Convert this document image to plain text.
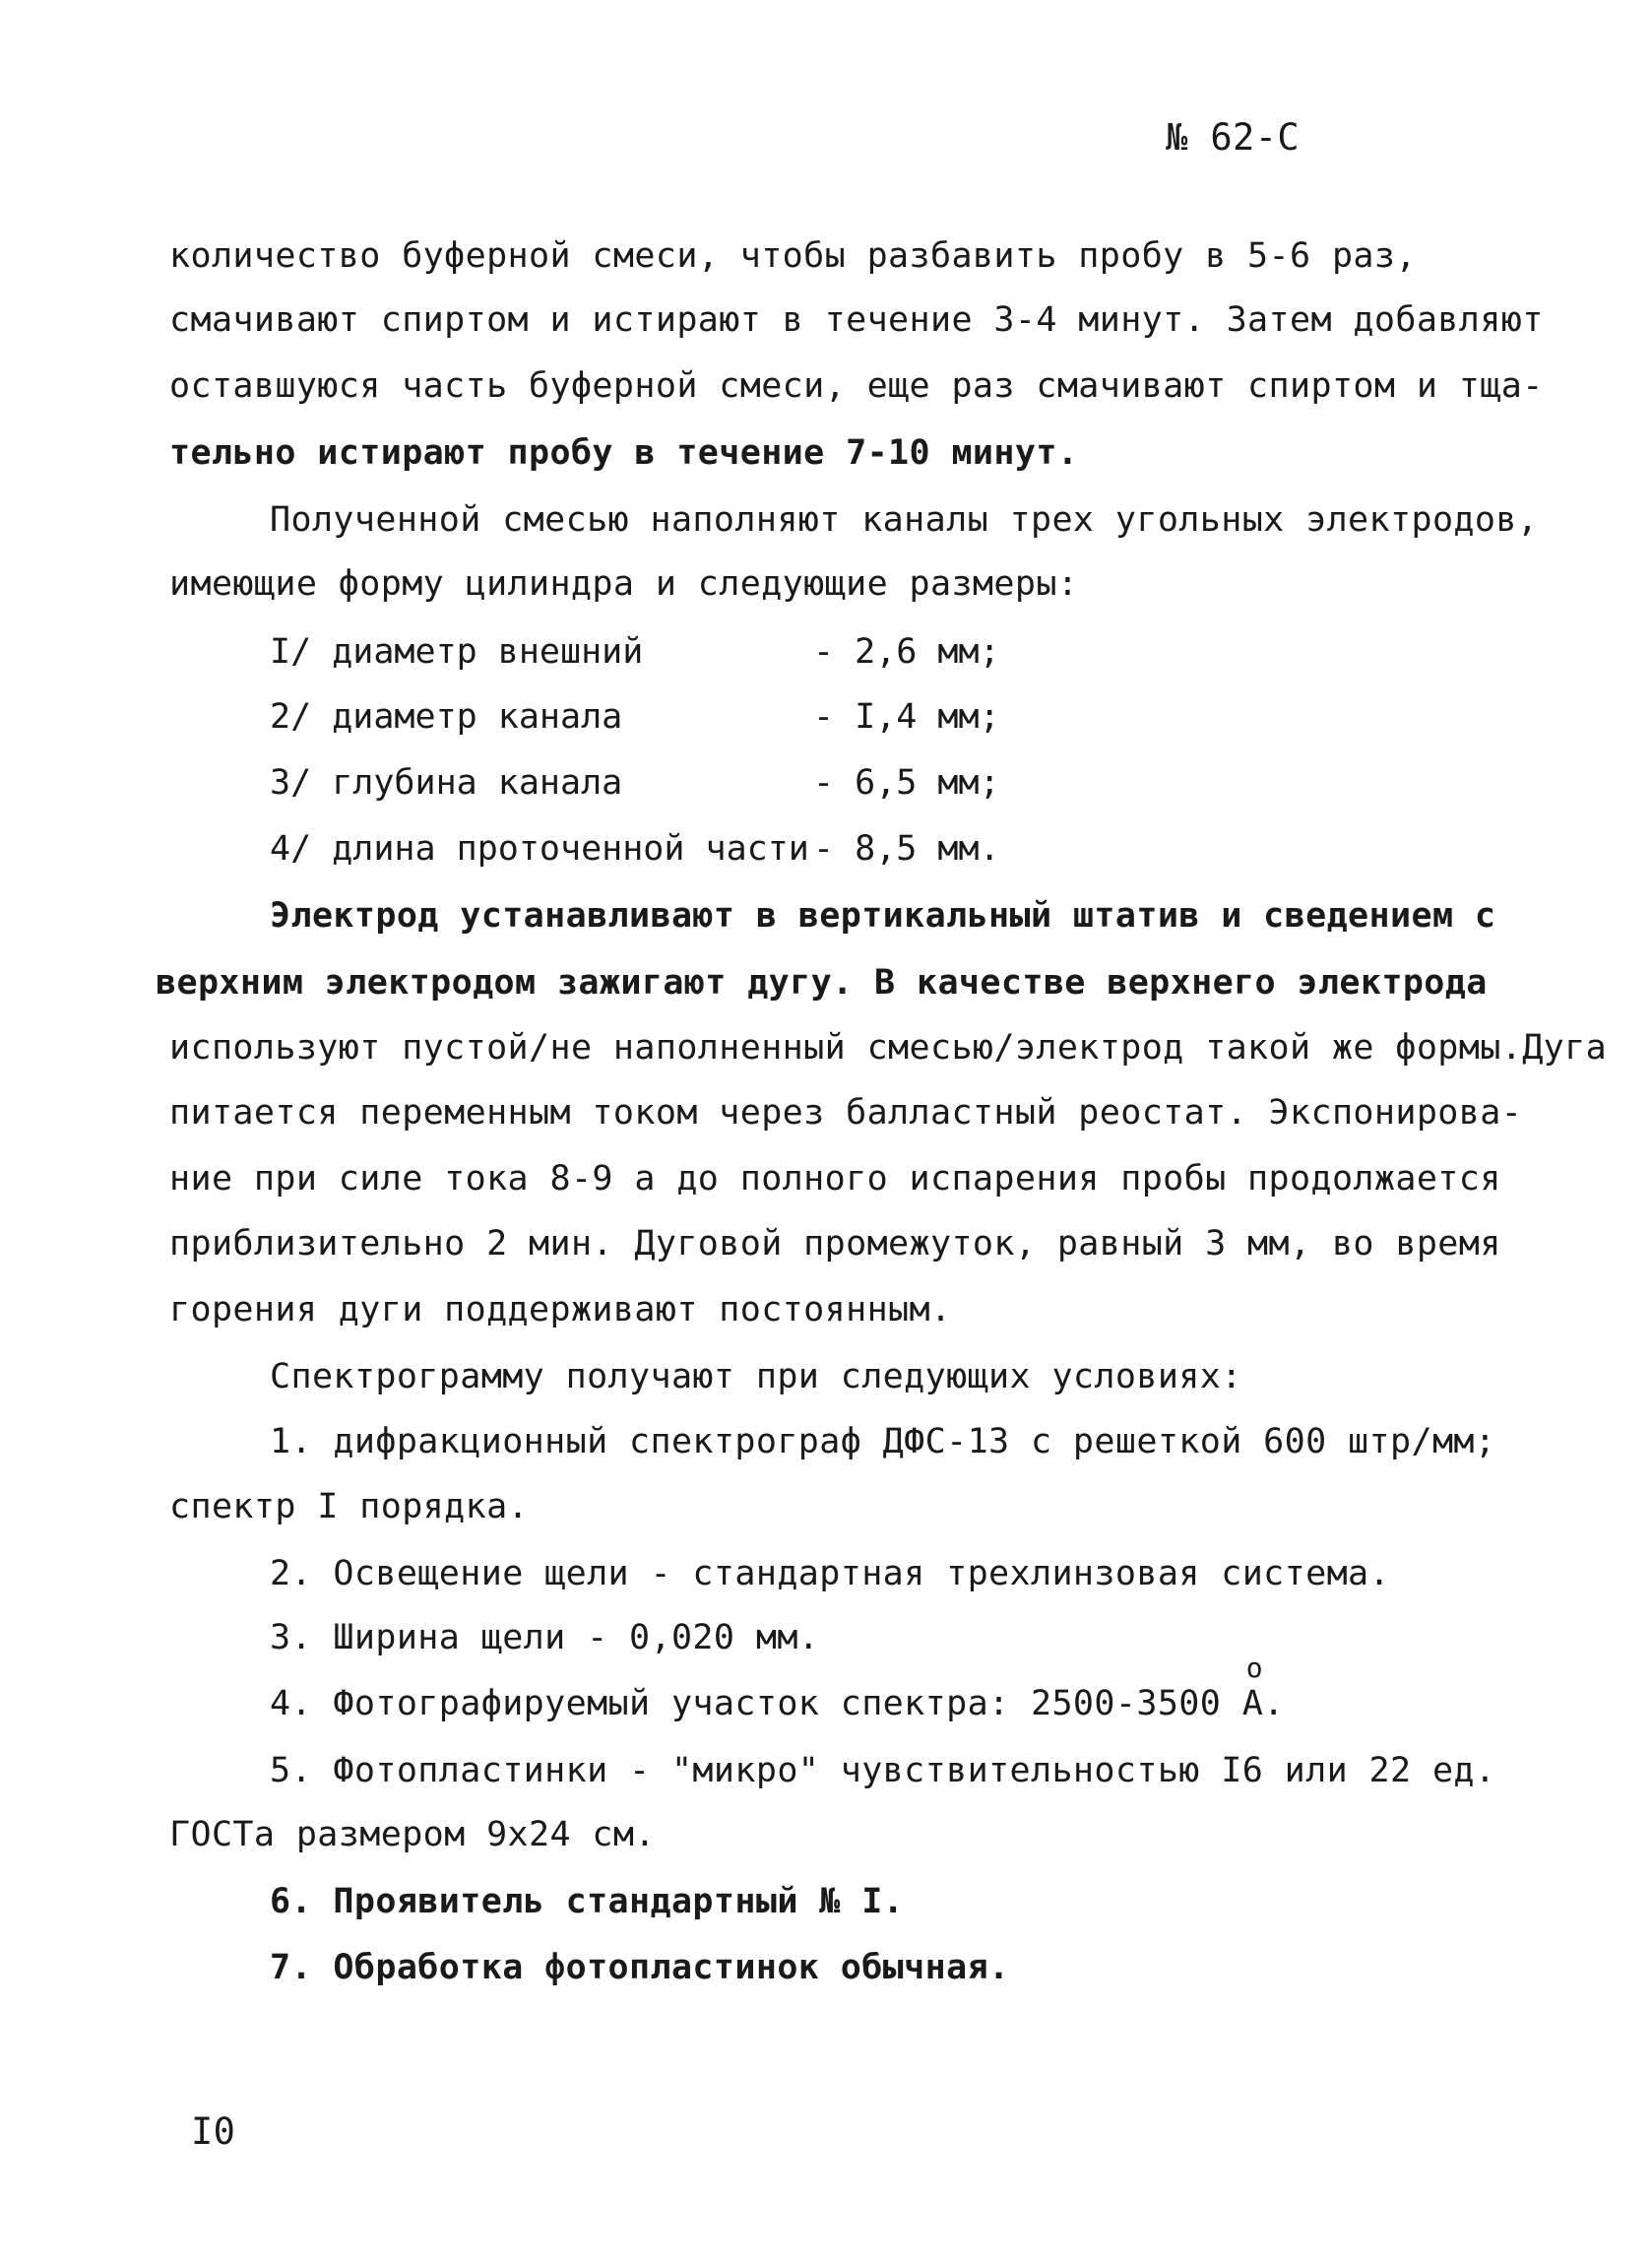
№ 62-С
количество буферной смеси, чтобы разбавить пробу в 5-6 раз,
смачивают спиртом и истирают в течение 3-4 минут. Затем добавляют
оставшуюся часть буферной смеси, еще раз смачивают спиртом и тща-
тельно истирают пробу в течение 7-10 минут.
Полученной смесью наполняют каналы трех угольных электродов,
имеющие форму цилиндра и следующие размеры:
I/ диаметр внешний	- 2,6 мм;
2/ диаметр канала	- I,4 мм;
3/ глубина канала	- 6,5 мм;
4/ длина проточенной части - 8,5 мм.
Электрод устанавливают в вертикальный штатив и сведением с
верхним электродом зажигают дугу. В качестве верхнего электрода
используют пустой/не наполненный смесью/электрод такой же формы.Дуга
питается переменным током через балластный реостат. Экспонирова-
ние при силе тока 8-9 а до полного испарения пробы продолжается
приблизительно 2 мин. Дуговой промежуток, равный 3 мм, во время
горения дуги поддерживают постоянным.
Спектрограмму получают при следующих условиях:
1. дифракционный спектрограф ДФС-13 с решеткой 600 штр/мм;
спектр I порядка.
2. Освещение щели - стандартная трехлинзовая система.
3. Ширина щели - 0,020 мм.
4. Фотографируемый участок спектра: 2500-3500
о
А.
5. Фотопластинки - "микро" чувствительностью I6 или 22 ед.
ГОСТа размером 9х24 см.
6. Проявитель стандартный № I.
7. Обработка фотопластинок обычная.
I0
